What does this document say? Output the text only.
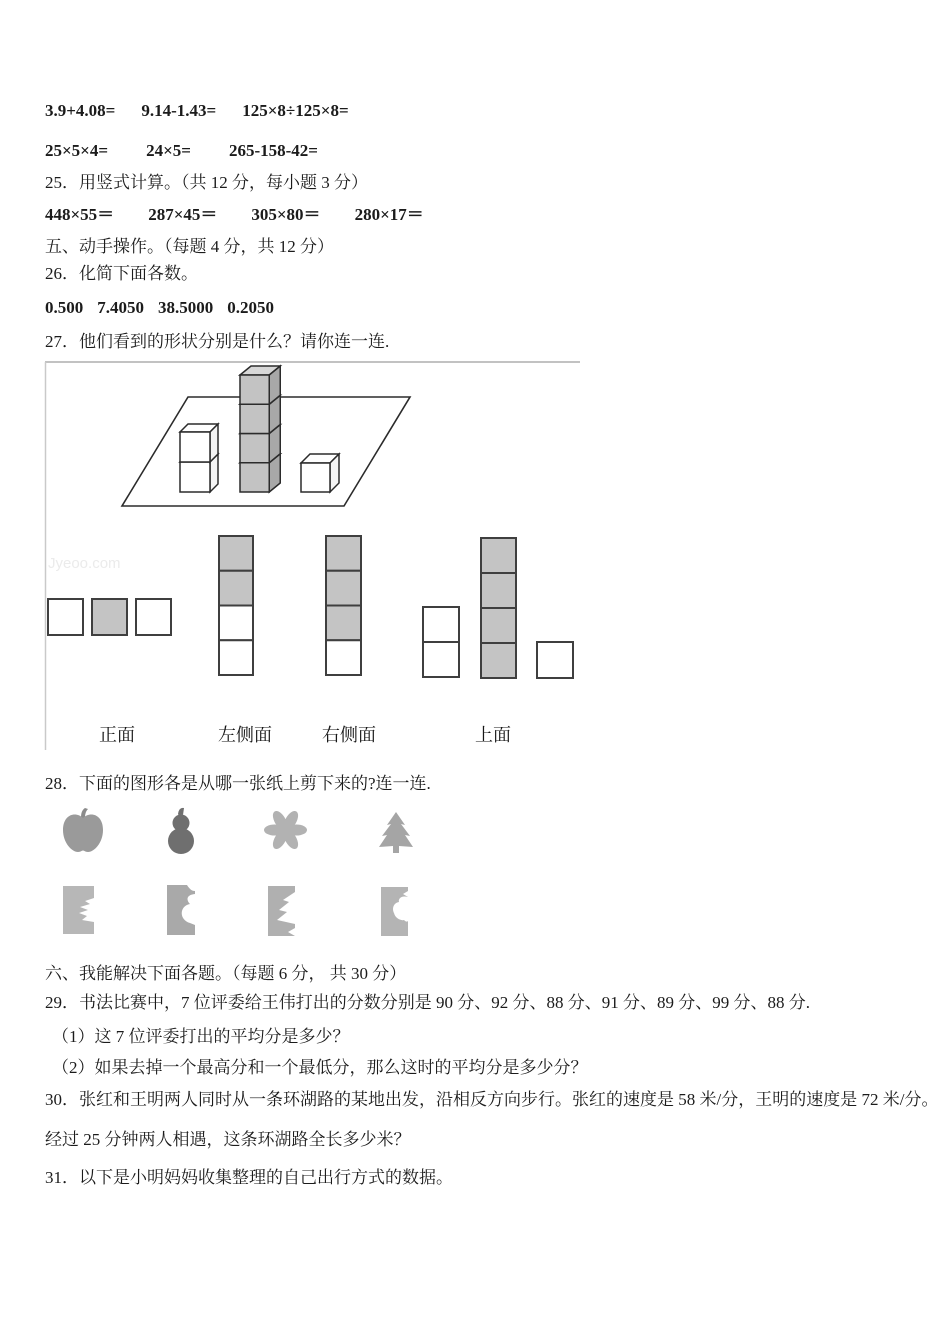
3.9+4.08= 9.14-1.43= 125×8÷125×8=
25×5×4= 24×5= 265-158-42=
25．用竖式计算。（共 12 分，每小题 3 分）
448×55＝ 287×45＝ 305×80＝ 280×17＝
五、动手操作。（每题 4 分，共 12 分）
26．化简下面各数。
0.500 7.4050 38.5000 0.2050
27．他们看到的形状分别是什么？请你连一连.
Jyeoo.com
正面	左侧面	右侧面	上面
28．下面的图形各是从哪一张纸上剪下来的?连一连.
六、我能解决下面各题。（每题 6 分， 共 30 分）
29．书法比赛中，7 位评委给王伟打出的分数分别是 90 分、92 分、88 分、91 分、89 分、99 分、88 分.
（1）这 7 位评委打出的平均分是多少？
（2）如果去掉一个最高分和一个最低分，那么这时的平均分是多少分？
30．张红和王明两人同时从一条环湖路的某地出发，沿相反方向步行。张红的速度是 58 米/分，王明的速度是 72 米/分。
经过 25 分钟两人相遇，这条环湖路全长多少米？
31．以下是小明妈妈收集整理的自己出行方式的数据。
